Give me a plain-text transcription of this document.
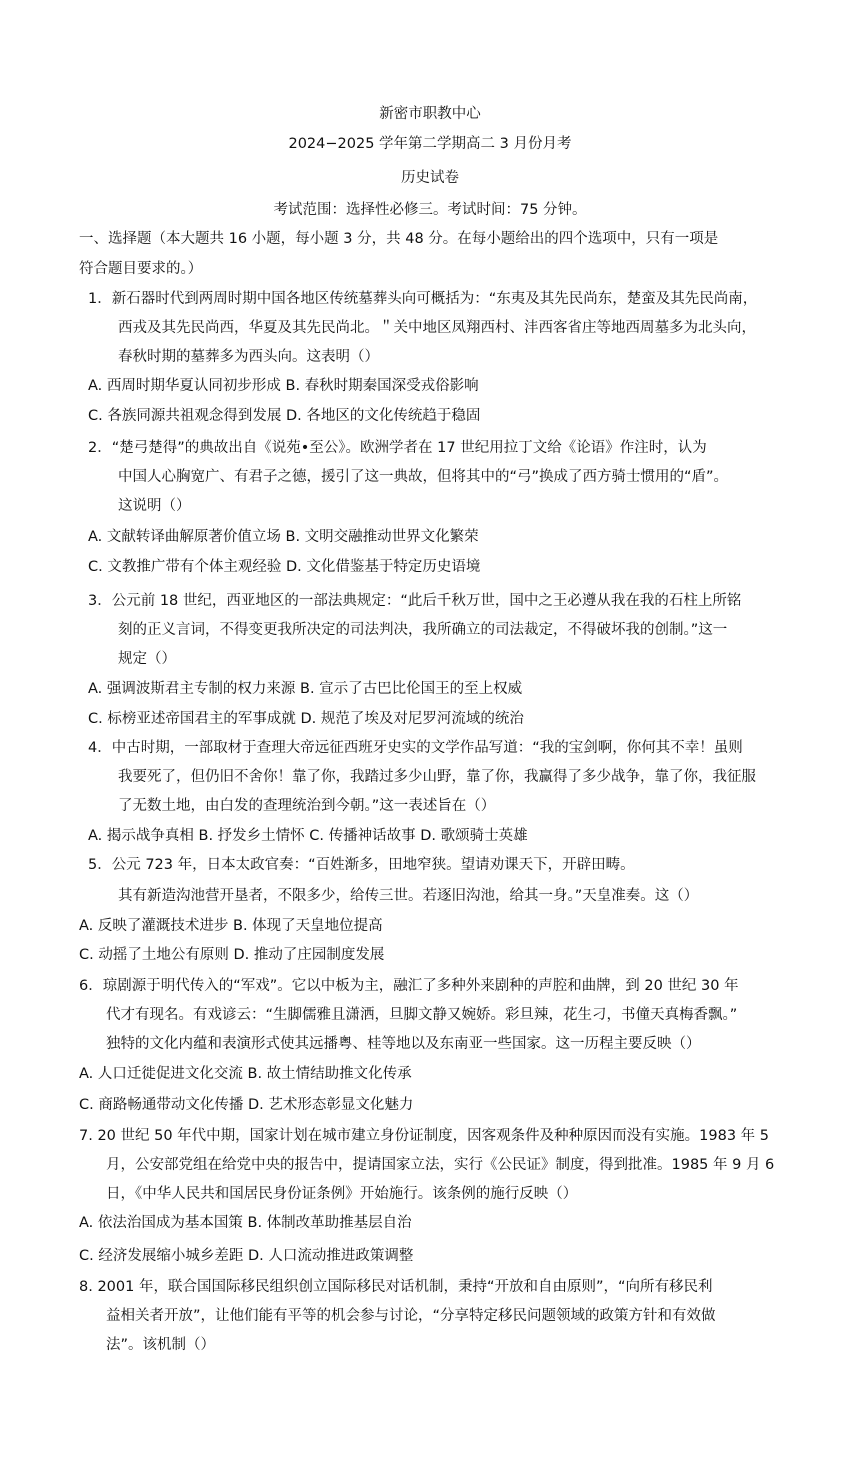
新密市职教中心
2024−2025 学年第二学期高二 3 月份月考
历史试卷
考试范围：选择性必修三。考试时间：75 分钟。
一、选择题（本大题共 16 小题，每小题 3 分，共 48 分。在每小题给出的四个选项中，只有一项是
符合题目要求的。）
1．新石器时代到两周时期中国各地区传统墓葬头向可概括为：“东夷及其先民尚东，楚蛮及其先民尚南，
西戎及其先民尚西，华夏及其先民尚北。＂关中地区凤翔西村、沣西客省庄等地西周墓多为北头向，
春秋时期的墓葬多为西头向。这表明（）
A. 西周时期华夏认同初步形成 B. 春秋时期秦国深受戎俗影响
C. 各族同源共祖观念得到发展 D. 各地区的文化传统趋于稳固
2．“楚弓楚得”的典故出自《说苑•至公》。欧洲学者在 17 世纪用拉丁文给《论语》作注时，认为
中国人心胸宽广、有君子之德，援引了这一典故，但将其中的“弓”换成了西方骑士惯用的“盾”。
这说明（）
A. 文献转译曲解原著价值立场 B. 文明交融推动世界文化繁荣
C. 文教推广带有个体主观经验 D. 文化借鉴基于特定历史语境
3．公元前 18 世纪，西亚地区的一部法典规定：“此后千秋万世，国中之王必遵从我在我的石柱上所铭
刻的正义言词，不得变更我所决定的司法判决，我所确立的司法裁定，不得破坏我的创制。”这一
规定（）
A. 强调波斯君主专制的权力来源 B. 宣示了古巴比伦国王的至上权威
C. 标榜亚述帝国君主的军事成就 D. 规范了埃及对尼罗河流域的统治
4．中古时期，一部取材于查理大帝远征西班牙史实的文学作品写道：“我的宝剑啊，你何其不幸！虽则
我要死了，但仍旧不舍你！靠了你，我踏过多少山野，靠了你，我赢得了多少战争，靠了你，我征服
了无数土地，由白发的查理统治到今朝。”这一表述旨在（）
A. 揭示战争真相 B. 抒发乡土情怀 C. 传播神话故事 D. 歌颂骑士英雄
5．公元 723 年，日本太政官奏：“百姓渐多，田地窄狭。望请劝课天下，开辟田畴。
其有新造沟池营开垦者，不限多少，给传三世。若逐旧沟池，给其一身。”天皇准奏。这（）
A. 反映了灌溉技术进步 B. 体现了天皇地位提高
C. 动摇了土地公有原则 D. 推动了庄园制度发展
6．琼剧源于明代传入的“军戏”。它以中板为主，融汇了多种外来剧种的声腔和曲牌，到 20 世纪 30 年
代才有现名。有戏谚云：“生脚儒雅且潇洒，旦脚文静又婉娇。彩旦辣，花生刁，书僮天真梅香飘。”
独特的文化内蕴和表演形式使其远播粤、桂等地以及东南亚一些国家。这一历程主要反映（）
A. 人口迁徙促进文化交流 B. 故土情结助推文化传承
C. 商路畅通带动文化传播 D. 艺术形态彰显文化魅力
7. 20 世纪 50 年代中期，国家计划在城市建立身份证制度，因客观条件及种种原因而没有实施。1983 年 5
月，公安部党组在给党中央的报告中，提请国家立法，实行《公民证》制度，得到批准。1985 年 9 月 6
日，《中华人民共和国居民身份证条例》开始施行。该条例的施行反映（）
A. 依法治国成为基本国策 B. 体制改革助推基层自治
C. 经济发展缩小城乡差距 D. 人口流动推进政策调整
8. 2001 年，联合国国际移民组织创立国际移民对话机制，秉持“开放和自由原则”，“向所有移民利
益相关者开放”，让他们能有平等的机会参与讨论，“分享特定移民问题领域的政策方针和有效做
法”。该机制（）
